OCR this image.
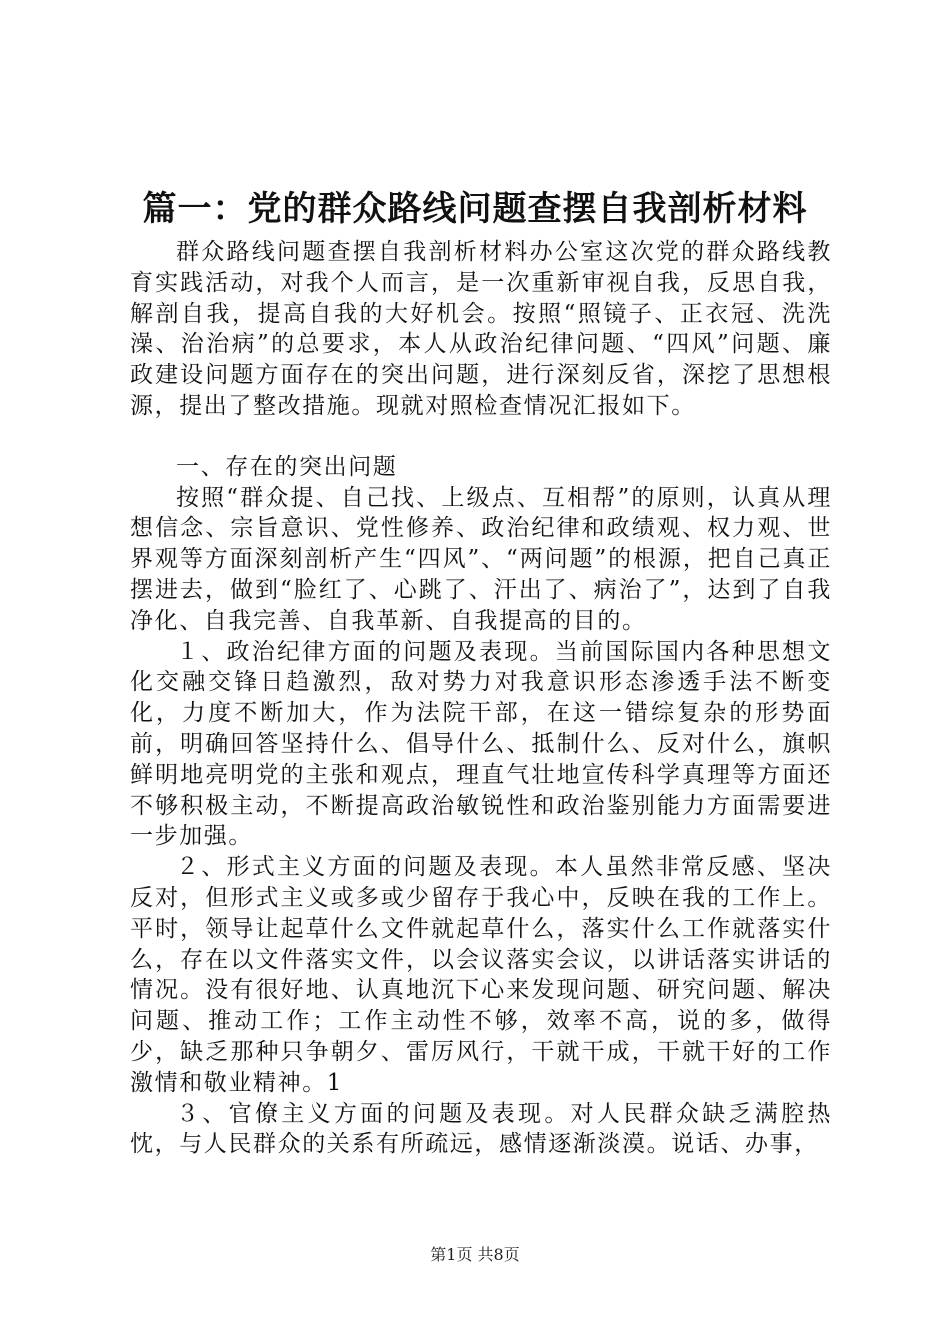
篇一：党的群众路线问题查摆自我剖析材料

群众路线问题查摆自我剖析材料办公室这次党的群众路线教育实践活动，对我个人而言，是一次重新审视自我，反思自我，解剖自我，提高自我的大好机会。按照“照镜子、正衣冠、洗洗澡、治治病”的总要求，本人从政治纪律问题、“四风”问题、廉政建设问题方面存在的突出问题，进行深刻反省，深挖了思想根源，提出了整改措施。现就对照检查情况汇报如下。

一、存在的突出问题

按照“群众提、自己找、上级点、互相帮”的原则，认真从理想信念、宗旨意识、党性修养、政治纪律和政绩观、权力观、世界观等方面深刻剖析产生“四风”、“两问题”的根源，把自己真正摆进去，做到“脸红了、心跳了、汗出了、病治了”，达到了自我净化、自我完善、自我革新、自我提高的目的。

１、政治纪律方面的问题及表现。当前国际国内各种思想文化交融交锋日趋激烈，敌对势力对我意识形态渗透手法不断变化，力度不断加大，作为法院干部，在这一错综复杂的形势面前，明确回答坚持什么、倡导什么、抵制什么、反对什么，旗帜鲜明地亮明党的主张和观点，理直气壮地宣传科学真理等方面还不够积极主动，不断提高政治敏锐性和政治鉴别能力方面需要进一步加强。

２、形式主义方面的问题及表现。本人虽然非常反感、坚决反对，但形式主义或多或少留存于我心中，反映在我的工作上。平时，领导让起草什么文件就起草什么，落实什么工作就落实什么，存在以文件落实文件，以会议落实会议，以讲话落实讲话的情况。没有很好地、认真地沉下心来发现问题、研究问题、解决问题、推动工作；工作主动性不够，效率不高，说的多，做得少，缺乏那种只争朝夕、雷厉风行，干就干成，干就干好的工作激情和敬业精神。1

３、官僚主义方面的问题及表现。对人民群众缺乏满腔热忱，与人民群众的关系有所疏远，感情逐渐淡漠。说话、办事，

第1页 共8页
